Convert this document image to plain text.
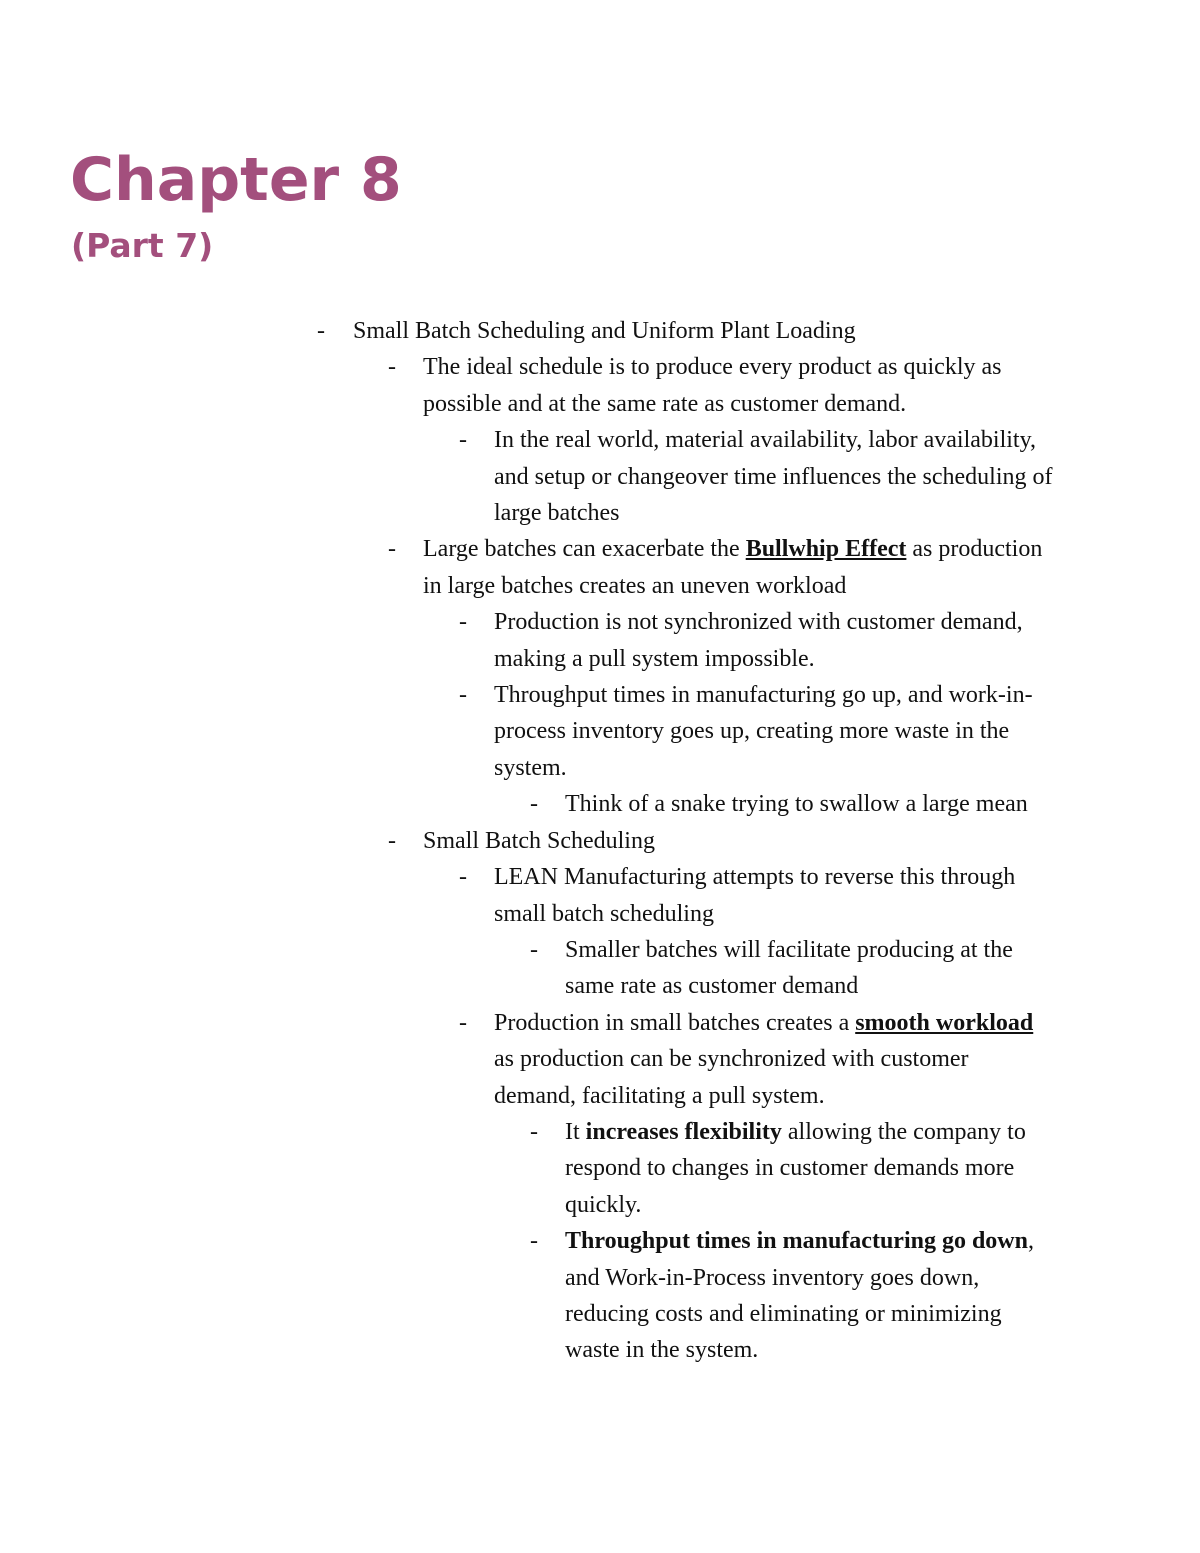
Chapter 8
(Part 7)
-	Small Batch Scheduling and Uniform Plant Loading
-	The ideal schedule is to produce every product as quickly as possible and at the same rate as customer demand.
-	In the real world, material availability, labor availability, and setup or changeover time influences the scheduling of large batches
-	Large batches can exacerbate the Bullwhip Effect as production in large batches creates an uneven workload
-	Production is not synchronized with customer demand, making a pull system impossible.
-	Throughput times in manufacturing go up, and work-in-process inventory goes up, creating more waste in the system.
-	Think of a snake trying to swallow a large mean
-	Small Batch Scheduling
-	LEAN Manufacturing attempts to reverse this through small batch scheduling
-	Smaller batches will facilitate producing at the same rate as customer demand
-	Production in small batches creates a smooth workload as production can be synchronized with customer demand, facilitating a pull system.
-	It increases flexibility allowing the company to respond to changes in customer demands more quickly.
-	Throughput times in manufacturing go down, and Work-in-Process inventory goes down, reducing costs and eliminating or minimizing waste in the system.
